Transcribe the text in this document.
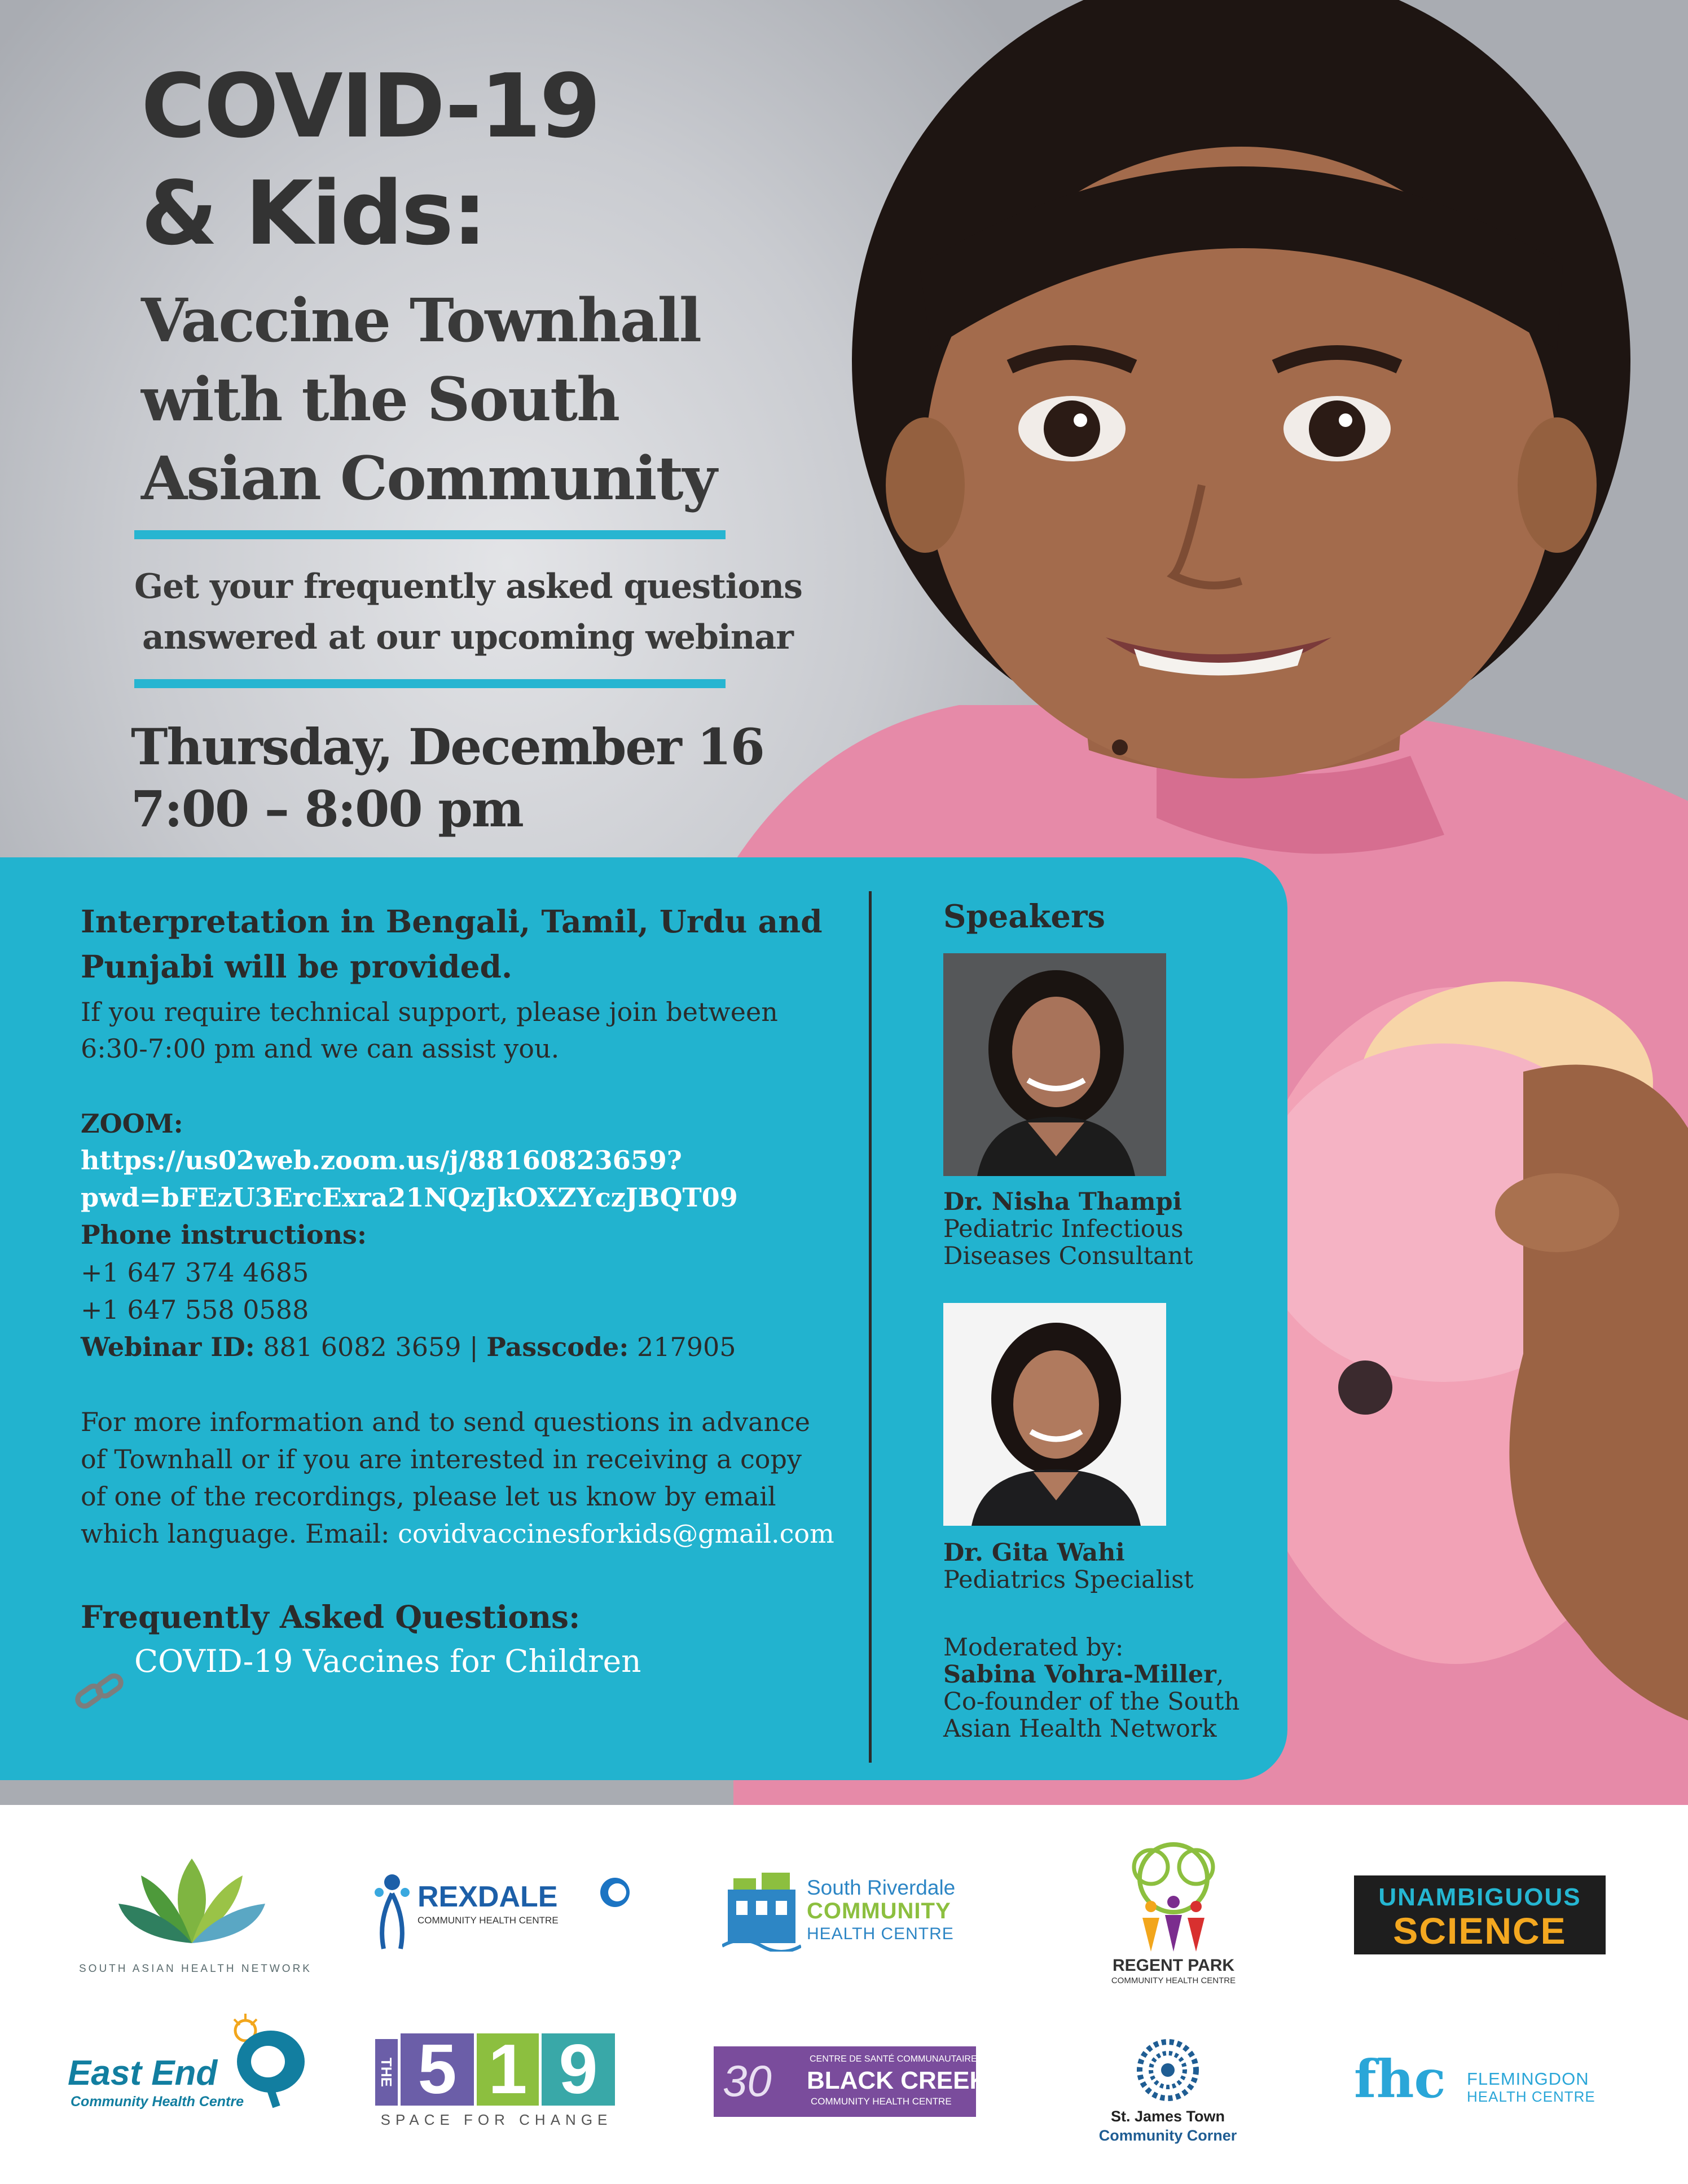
COVID-19
& Kids:
Vaccine Townhall
with the South
Asian Community
Get your frequently asked questions
answered at our upcoming webinar
Thursday, December 16
7:00 – 8:00 pm
Interpretation in Bengali, Tamil, Urdu and
Punjabi will be provided.
If you require technical support, please join between
6:30-7:00 pm and we can assist you.
ZOOM:
https://us02web.zoom.us/j/88160823659?
pwd=bFEzU3ErcExra21NQzJkOXZYczJBQT09
Phone instructions:
+1 647 374 4685
+1 647 558 0588
Webinar ID: 881 6082 3659 | Passcode: 217905
For more information and to send questions in advance
of Townhall or if you are interested in receiving a copy
of one of the recordings, please let us know by email
which language. Email: covidvaccinesforkids@gmail.com
Frequently Asked Questions:
COVID-19 Vaccines for Children
Speakers
Dr. Nisha Thampi
Pediatric Infectious
Diseases Consultant
Dr. Gita Wahi
Pediatrics Specialist
Moderated by:
Sabina Vohra-Miller,
Co-founder of the South
Asian Health Network
SOUTH ASIAN HEALTH NETWORK
REXDALE
COMMUNITY HEALTH CENTRE
South Riverdale
COMMUNITY
HEALTH CENTRE
REGENT PARK
COMMUNITY HEALTH CENTRE
UNAMBIGUOUS
SCIENCE
East End
Community Health Centre
THE 5 1 9
SPACE FOR CHANGE
30	CENTRE DE SANTÉ COMMUNAUTAIRE
BLACK CREEK
COMMUNITY HEALTH CENTRE
St. James Town
Community Corner
fhc FLEMINGDON
HEALTH CENTRE
